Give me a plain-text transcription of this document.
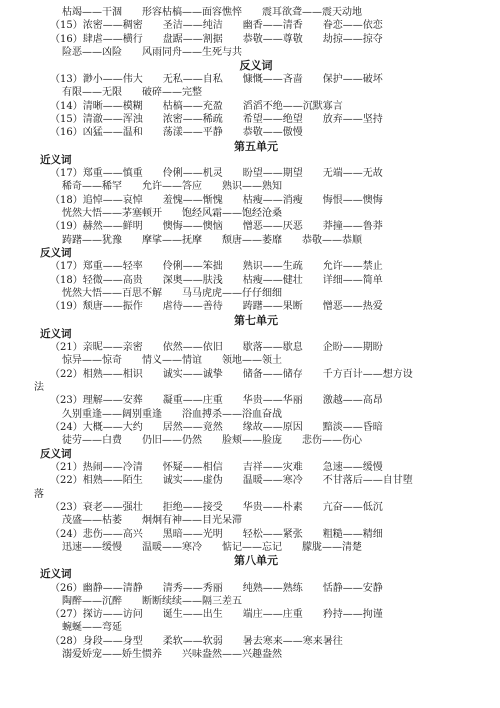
枯竭——干涸　　形容枯槁——面容憔悴　　震耳欲聋——震天动地
（15）浓密——稠密　　圣洁——纯洁　　幽香——清香　　眷恋——依恋
（16）肆虐——横行　　盘踞——割据　　恭敬——尊敬　　劫掠——掠夺
险恶——凶险　　风雨同舟——生死与共
反义词
（13）渺小——伟大　　无私——自私　　慷慨——吝啬　　保护——破坏
有限——无限　　破碎——完整
（14）清晰——模糊　　枯槁——充盈　　滔滔不绝——沉默寡言
（15）清澈——浑浊　　浓密——稀疏　　希望——绝望　　放弃——坚持
（16）凶猛——温和　　荡漾——平静　　恭敬——傲慢
第五单元
近义词
（17）郑重——慎重　　伶俐——机灵　　盼望——期望　　无端——无故
稀奇——稀罕　　允许——答应　　熟识——熟知
（18）追悼——哀悼　　羞愧——惭愧　　枯瘦——消瘦　　悔恨——懊悔
恍然大悟——茅塞顿开　　饱经风霜——饱经沧桑
（19）赫然——鲜明　　懊悔——懊恼　　憎恶——厌恶　　莽撞——鲁莽
踌躇——犹豫　　摩挲——抚摩　　颓唐——萎靡　　恭敬——恭顺
反义词
（17）郑重——轻率　　伶俐——笨拙　　熟识——生疏　　允许——禁止
（18）轻微——高贵　　深奥——肤浅　　枯瘦——健壮　　详细——简单
恍然大悟——百思不解　　马马虎虎——仔仔细细
（19）颓唐——振作　　虐待——善待　　踌躇——果断　　憎恶——热爱
第七单元
近义词
（21）亲昵——亲密　　依然——依旧　　歇落——歇息　　企盼——期盼
惊异——惊奇　　情义——情谊　　领地——领土
（22）相熟——相识　　诚实——诚挚　　储备——储存　　千方百计——想方设
法
（23）理解——安葬　　凝重——庄重　　华贵——华丽　　激越——高昂
久别重逢——阔别重逢　　浴血搏杀——浴血奋战
（24）大概——大约　　居然——竟然　　缘故——原因　　黯淡——昏暗
徒劳——白费　　仍旧——仍然　　脸颊——脸庞　　悲伤——伤心
反义词
（21）热闹——冷清　　怀疑——相信　　吉祥——灾难　　急速——缓慢
（22）相熟——陌生　　诚实——虚伪　　温暖——寒冷　　不甘落后——自甘堕
落
（23）衰老——强壮　　拒绝——接受　　华贵——朴素　　亢奋——低沉
茂盛——枯萎　　炯炯有神——目光呆滞
（24）悲伤——高兴　　黑暗——光明　　轻松——紧张　　粗糙——精细
迅速——缓慢　　温暖——寒冷　　惦记——忘记　　朦胧——清楚
第八单元
近义词
（26）幽静——清静　　清秀——秀丽　　纯熟——熟练　　恬静——安静
陶醉——沉醉　　断断续续——隔三差五
（27）探访——访问　　诞生——出生　　端庄——庄重　　矜持——拘谨
蜿蜒——弯延
（28）身段——身型　　柔软——软弱　　暑去寒来——寒来暑往
溺爱娇宠——娇生惯养　　兴味盎然——兴趣盎然
